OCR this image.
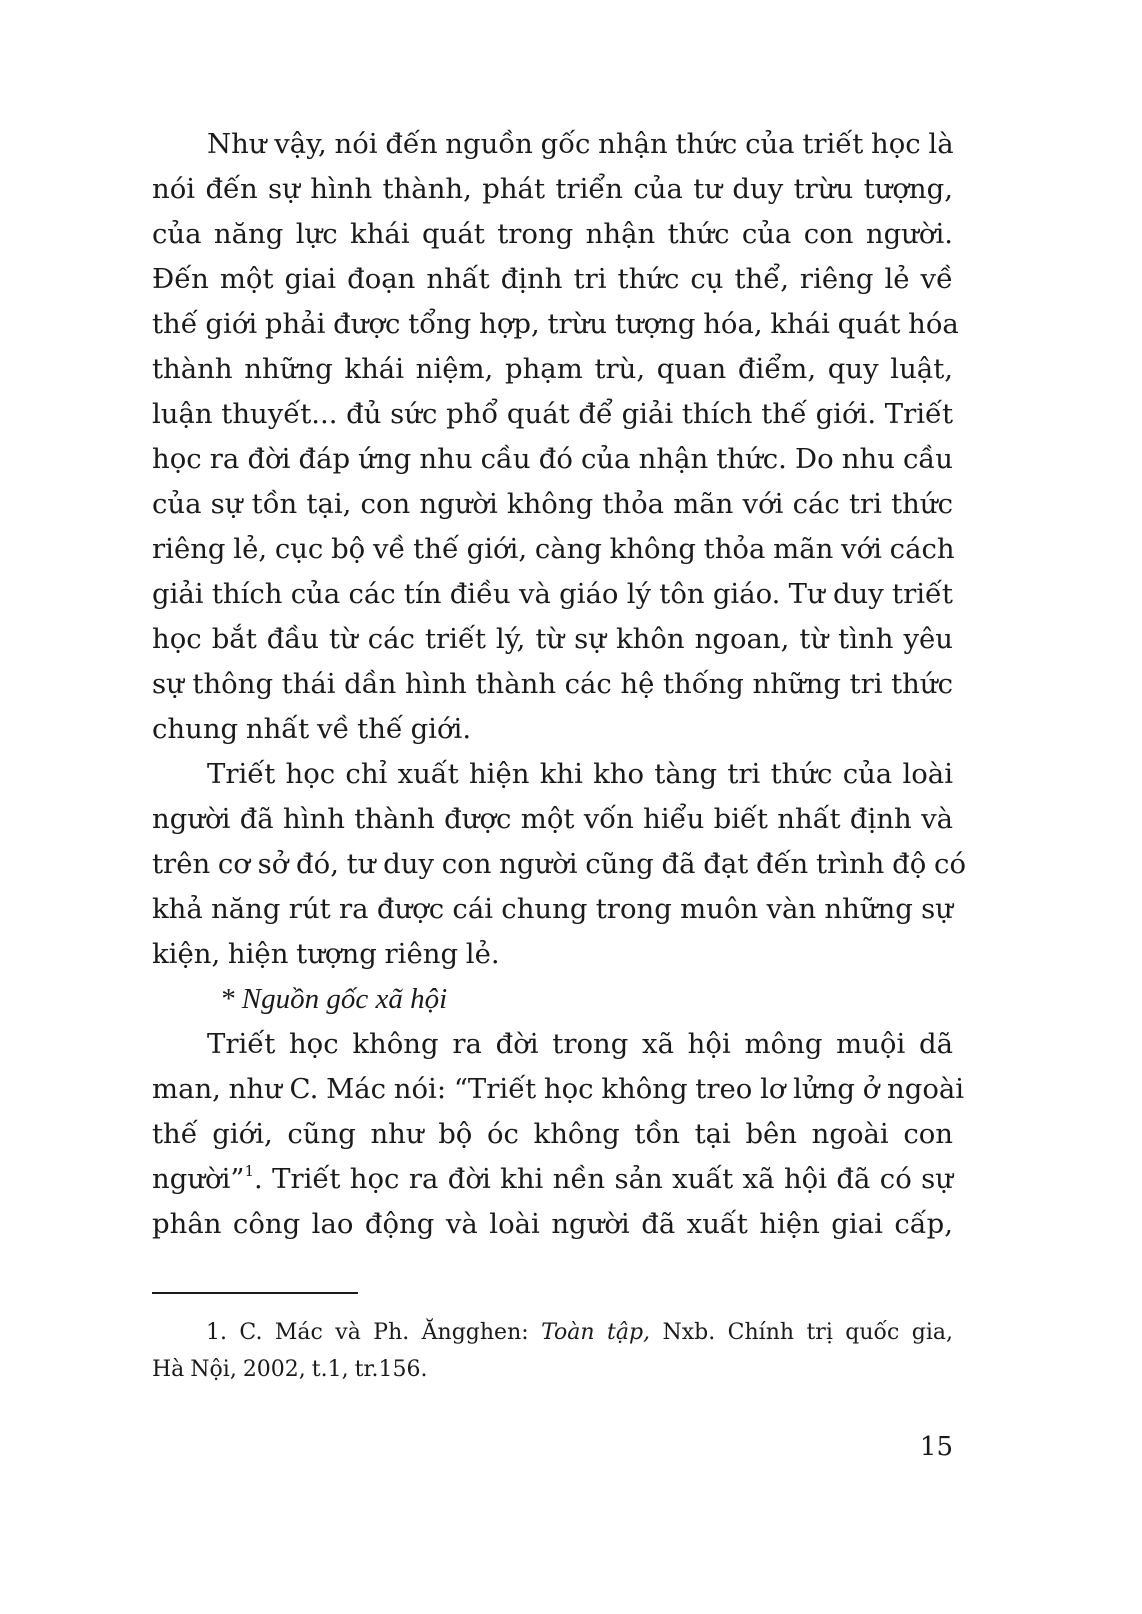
Như vậy, nói đến nguồn gốc nhận thức của triết học là
nói đến sự hình thành, phát triển của tư duy trừu tượng,
của năng lực khái quát trong nhận thức của con người.
Đến một giai đoạn nhất định tri thức cụ thể, riêng lẻ về
thế giới phải được tổng hợp, trừu tượng hóa, khái quát hóa
thành những khái niệm, phạm trù, quan điểm, quy luật,
luận thuyết... đủ sức phổ quát để giải thích thế giới. Triết
học ra đời đáp ứng nhu cầu đó của nhận thức. Do nhu cầu
của sự tồn tại, con người không thỏa mãn với các tri thức
riêng lẻ, cục bộ về thế giới, càng không thỏa mãn với cách
giải thích của các tín điều và giáo lý tôn giáo. Tư duy triết
học bắt đầu từ các triết lý, từ sự khôn ngoan, từ tình yêu
sự thông thái dần hình thành các hệ thống những tri thức
chung nhất về thế giới.
Triết học chỉ xuất hiện khi kho tàng tri thức của loài
người đã hình thành được một vốn hiểu biết nhất định và
trên cơ sở đó, tư duy con người cũng đã đạt đến trình độ có
khả năng rút ra được cái chung trong muôn vàn những sự
kiện, hiện tượng riêng lẻ.
* Nguồn gốc xã hội
Triết học không ra đời trong xã hội mông muội dã
man, như C. Mác nói: “Triết học không treo lơ lửng ở ngoài
thế giới, cũng như bộ óc không tồn tại bên ngoài con
người”$^1$. Triết học ra đời khi nền sản xuất xã hội đã có sự
phân công lao động và loài người đã xuất hiện giai cấp,
1. C. Mác và Ph. Ăngghen: Toàn tập, Nxb. Chính trị quốc gia,
Hà Nội, 2002, t.1, tr.156.
15
